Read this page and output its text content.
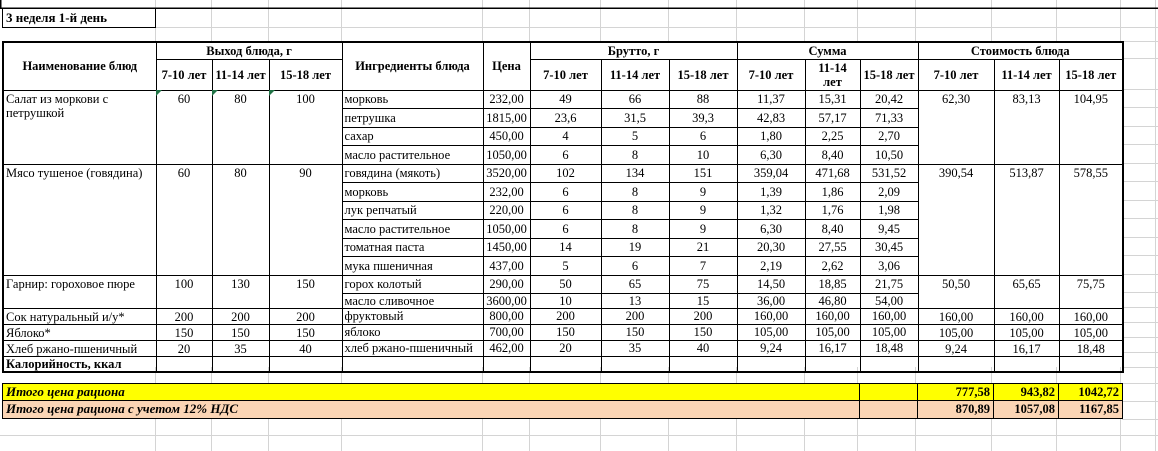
3 неделя 1-й день
Наименование блюд	Выход блюда, г			Ингредиенты блюда	Цена	Брутто, г			Сумма			Стоимость блюда		
	7-10 лет	11-14 лет	15-18 лет			7-10 лет	11-14 лет	15-18 лет	7-10 лет	11-14 лет	15-18 лет	7-10 лет	11-14 лет	15-18 лет
Салат из моркови с петрушкой	60	80	100	морковь	232,00	49	66	88	11,37	15,31	20,42	62,30	83,13	104,95
				петрушка	1815,00	23,6	31,5	39,3	42,83	57,17	71,33			
				сахар	450,00	4	5	6	1,80	2,25	2,70			
				масло растительное	1050,00	6	8	10	6,30	8,40	10,50			
Мясо тушеное (говядина)	60	80	90	говядина (мякоть)	3520,00	102	134	151	359,04	471,68	531,52	390,54	513,87	578,55
				морковь	232,00	6	8	9	1,39	1,86	2,09			
				лук репчатый	220,00	6	8	9	1,32	1,76	1,98			
				масло растительное	1050,00	6	8	9	6,30	8,40	9,45			
				томатная паста	1450,00	14	19	21	20,30	27,55	30,45			
				мука пшеничная	437,00	5	6	7	2,19	2,62	3,06			
Гарнир: гороховое пюре	100	130	150	горох колотый	290,00	50	65	75	14,50	18,85	21,75	50,50	65,65	75,75
				масло сливочное	3600,00	10	13	15	36,00	46,80	54,00			
Сок натуральный и/у*	200	200	200	фруктовый	800,00	200	200	200	160,00	160,00	160,00	160,00	160,00	160,00
Яблоко*	150	150	150	яблоко	700,00	150	150	150	105,00	105,00	105,00	105,00	105,00	105,00
Хлеб ржано-пшеничный	20	35	40	хлеб ржано-пшеничный	462,00	20	35	40	9,24	16,17	18,48	9,24	16,17	18,48
Калорийность, ккал														
Итого цена рациона	777,58	943,82	1042,72
Итого цена рациона с учетом 12% НДС	870,89	1057,08	1167,85
